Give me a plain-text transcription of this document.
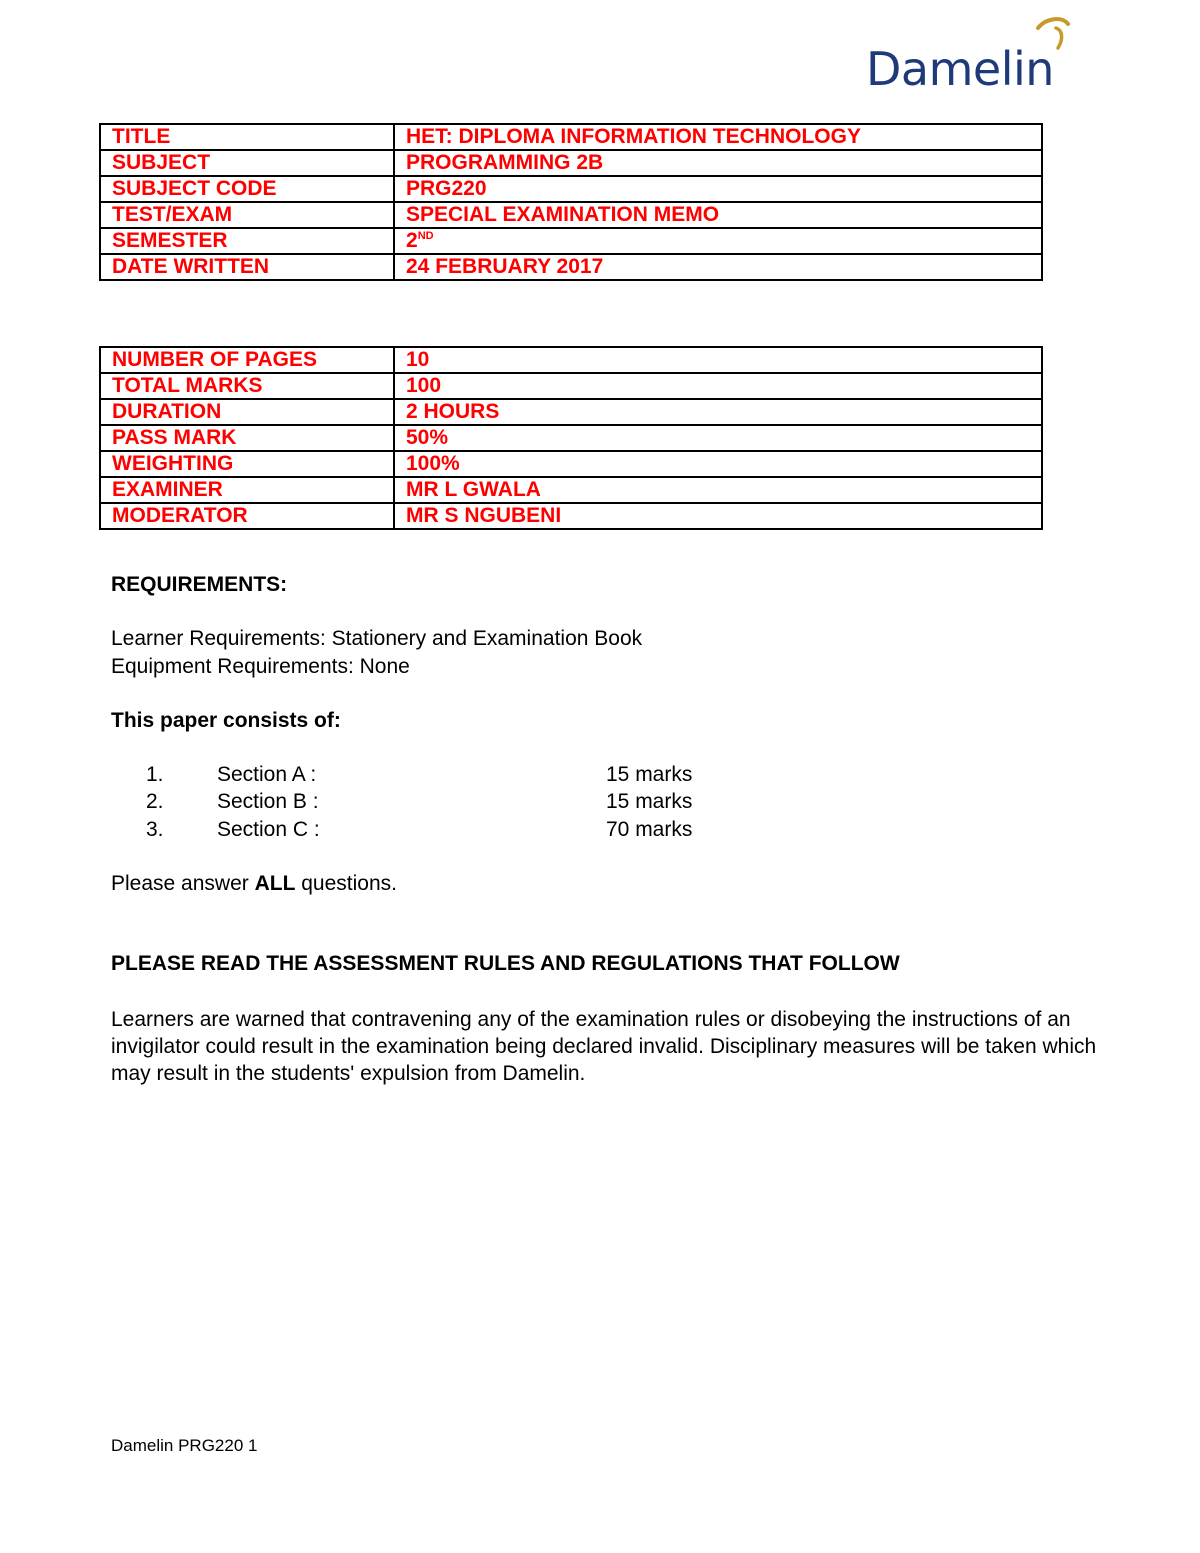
Damelin
TITLE	HET: DIPLOMA INFORMATION TECHNOLOGY
SUBJECT	PROGRAMMING 2B
SUBJECT CODE	PRG220
TEST/EXAM	SPECIAL EXAMINATION MEMO
SEMESTER	2ND
DATE WRITTEN	24 FEBRUARY 2017
NUMBER OF PAGES	10
TOTAL MARKS	100
DURATION	2 HOURS
PASS MARK	50%
WEIGHTING	100%
EXAMINER	MR L GWALA
MODERATOR	MR S NGUBENI
REQUIREMENTS:
Learner Requirements: Stationery and Examination Book
Equipment Requirements: None
This paper consists of:
1.	Section A :	15 marks
2.	Section B :	15 marks
3.	Section C :	70 marks
Please answer ALL questions.
PLEASE READ THE ASSESSMENT RULES AND REGULATIONS THAT FOLLOW
Learners are warned that contravening any of the examination rules or disobeying the instructions of an invigilator could result in the examination being declared invalid. Disciplinary measures will be taken which may result in the students' expulsion from Damelin.
Damelin PRG220 1
